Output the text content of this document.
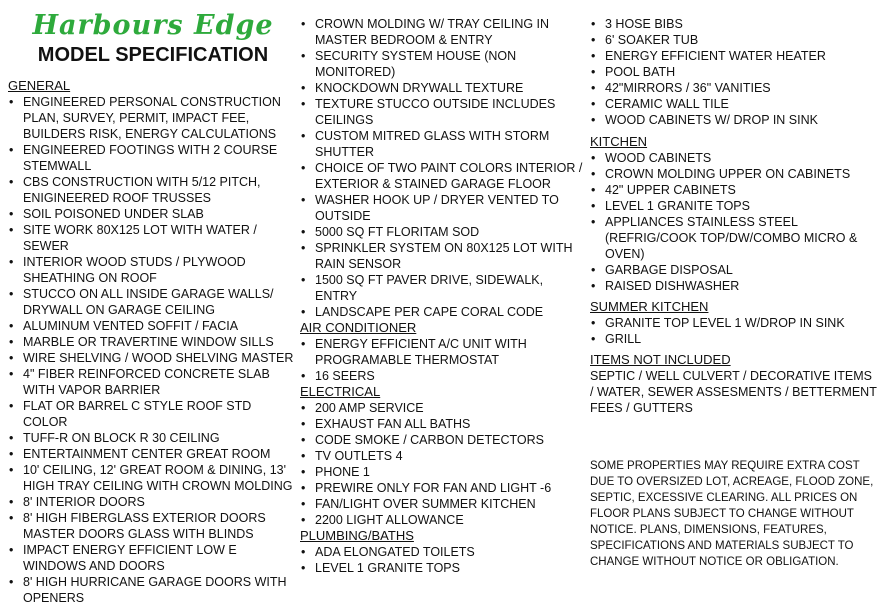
Harbours Edge
MODEL SPECIFICATION
GENERAL
• ENGINEERED PERSONAL CONSTRUCTION PLAN, SURVEY, PERMIT, IMPACT FEE, BUILDERS RISK, ENERGY CALCULATIONS
• ENGINEERED FOOTINGS WITH 2 COURSE STEMWALL
• CBS CONSTRUCTION WITH 5/12 PITCH, ENIGINEERED ROOF TRUSSES
• SOIL POISONED UNDER SLAB
• SITE WORK 80X125 LOT WITH WATER / SEWER
• INTERIOR WOOD STUDS / PLYWOOD SHEATHING ON ROOF
• STUCCO ON ALL INSIDE GARAGE WALLS/ DRYWALL ON GARAGE CEILING
• ALUMINUM VENTED SOFFIT / FACIA
• MARBLE OR TRAVERTINE WINDOW SILLS
• WIRE SHELVING / WOOD SHELVING MASTER
• 4" FIBER REINFORCED CONCRETE SLAB WITH VAPOR BARRIER
• FLAT OR BARREL C STYLE ROOF STD COLOR
• TUFF-R ON BLOCK R 30 CEILING
• ENTERTAINMENT CENTER GREAT ROOM
• 10' CEILING, 12' GREAT ROOM & DINING, 13' HIGH TRAY CEILING WITH CROWN MOLDING
• 8' INTERIOR DOORS
• 8' HIGH FIBERGLASS EXTERIOR DOORS MASTER DOORS GLASS WITH BLINDS
• IMPACT ENERGY EFFICIENT LOW E WINDOWS AND DOORS
• 8' HIGH HURRICANE GARAGE DOORS WITH OPENERS
• CROWN MOLDING W/ TRAY CEILING IN MASTER BEDROOM & ENTRY
• SECURITY SYSTEM HOUSE (NON MONITORED)
• KNOCKDOWN DRYWALL TEXTURE
• TEXTURE STUCCO OUTSIDE INCLUDES CEILINGS
• CUSTOM MITRED GLASS WITH STORM SHUTTER
• CHOICE OF TWO PAINT COLORS INTERIOR / EXTERIOR & STAINED GARAGE FLOOR
• WASHER HOOK UP / DRYER VENTED TO OUTSIDE
• 5000 SQ FT FLORITAM SOD
• SPRINKLER SYSTEM ON 80X125 LOT WITH RAIN SENSOR
• 1500 SQ FT PAVER DRIVE, SIDEWALK, ENTRY
• LANDSCAPE PER CAPE CORAL CODE
AIR CONDITIONER
• ENERGY EFFICIENT A/C UNIT WITH PROGRAMABLE THERMOSTAT
• 16 SEERS
ELECTRICAL
• 200 AMP SERVICE
• EXHAUST FAN ALL BATHS
• CODE SMOKE / CARBON DETECTORS
• TV OUTLETS 4
• PHONE 1
• PREWIRE ONLY FOR FAN AND LIGHT -6
• FAN/LIGHT OVER SUMMER KITCHEN
• 2200 LIGHT ALLOWANCE
PLUMBING/BATHS
• ADA ELONGATED TOILETS
• LEVEL 1 GRANITE TOPS
• 3 HOSE BIBS
• 6' SOAKER TUB
• ENERGY EFFICIENT WATER HEATER
• POOL BATH
• 42"MIRRORS / 36" VANITIES
• CERAMIC WALL TILE
• WOOD CABINETS W/ DROP IN SINK
KITCHEN
• WOOD CABINETS
• CROWN MOLDING UPPER ON CABINETS
• 42" UPPER CABINETS
• LEVEL 1 GRANITE TOPS
• APPLIANCES STAINLESS STEEL (REFRIG/COOK TOP/DW/COMBO MICRO & OVEN)
• GARBAGE DISPOSAL
• RAISED DISHWASHER
SUMMER KITCHEN
• GRANITE TOP LEVEL 1 W/DROP IN SINK
• GRILL
ITEMS NOT INCLUDED

SEPTIC / WELL CULVERT / DECORATIVE ITEMS / WATER, SEWER ASSESMENTS / BETTERMENT FEES / GUTTERS

SOME PROPERTIES MAY REQUIRE EXTRA COST DUE TO OVERSIZED LOT, ACREAGE, FLOOD ZONE, SEPTIC, EXCESSIVE CLEARING. ALL PRICES ON FLOOR PLANS SUBJECT TO CHANGE WITHOUT NOTICE. PLANS, DIMENSIONS, FEATURES, SPECIFICATIONS AND MATERIALS SUBJECT TO CHANGE WITHOUT NOTICE OR OBLIGATION.
